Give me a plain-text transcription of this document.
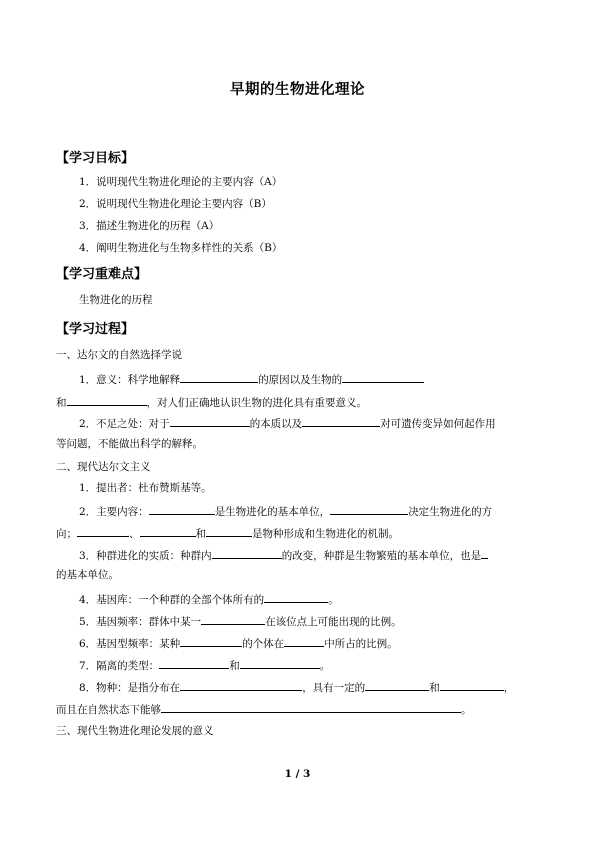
早期的生物进化理论
【学习目标】
1．说明现代生物进化理论的主要内容（A）
2．说明现代生物进化理论主要内容（B）
3．描述生物进化的历程（A）
4．阐明生物进化与生物多样性的关系（B）
【学习重难点】
生物进化的历程
【学习过程】
一、达尔文的自然选择学说
1．意义：科学地解释	的原因以及生物的
和	，对人们正确地认识生物的进化具有重要意义。
2．不足之处：对于	的本质以及	对可遗传变异如何起作用
等问题，不能做出科学的解释。
二、现代达尔文主义
1．提出者：杜布赞斯基等。
2．主要内容：	是生物进化的基本单位，	决定生物进化的方
向；	、	和	是物种形成和生物进化的机制。
3．种群进化的实质：种群内	的改变，种群是生物繁殖的基本单位，也是
的基本单位。
4．基因库：一个种群的全部个体所有的	。
5．基因频率：群体中某一	在该位点上可能出现的比例。
6．基因型频率：某种	的个体在	中所占的比例。
7．隔离的类型：	和	。
8．物种：是指分布在	，具有一定的	和	，
而且在自然状态下能够	。
三、现代生物进化理论发展的意义
1 / 3
